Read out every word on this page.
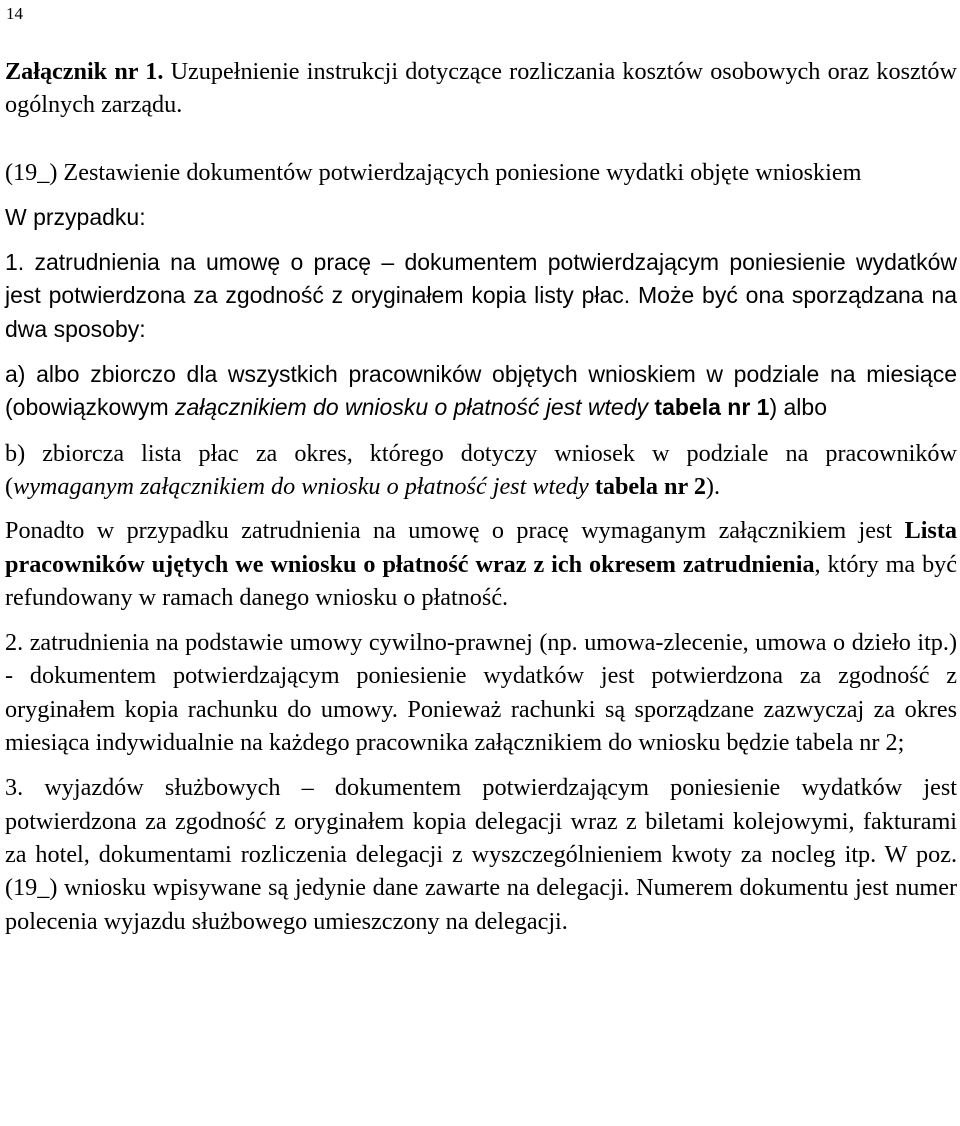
14

Załącznik nr 1. Uzupełnienie instrukcji dotyczące rozliczania kosztów osobowych oraz kosztów ogólnych zarządu.

(19_) Zestawienie dokumentów potwierdzających poniesione wydatki objęte wnioskiem

W przypadku:

1. zatrudnienia na umowę o pracę – dokumentem potwierdzającym poniesienie wydatków jest potwierdzona za zgodność z oryginałem kopia listy płac. Może być ona sporządzana na dwa sposoby:

a) albo zbiorczo dla wszystkich pracowników objętych wnioskiem w podziale na miesiące (obowiązkowym załącznikiem do wniosku o płatność jest wtedy tabela nr 1) albo

b) zbiorcza lista płac za okres, którego dotyczy wniosek w podziale na pracowników (wymaganym załącznikiem do wniosku o płatność jest wtedy tabela nr 2).

Ponadto w przypadku zatrudnienia na umowę o pracę wymaganym załącznikiem jest Lista pracowników ujętych we wniosku o płatność wraz z ich okresem zatrudnienia, który ma być refundowany w ramach danego wniosku o płatność.

2. zatrudnienia na podstawie umowy cywilno-prawnej (np. umowa-zlecenie, umowa o dzieło itp.) - dokumentem potwierdzającym poniesienie wydatków jest potwierdzona za zgodność z oryginałem kopia rachunku do umowy. Ponieważ rachunki są sporządzane zazwyczaj za okres miesiąca indywidualnie na każdego pracownika załącznikiem do wniosku będzie tabela nr 2;

3. wyjazdów służbowych – dokumentem potwierdzającym poniesienie wydatków jest potwierdzona za zgodność z oryginałem kopia delegacji wraz z biletami kolejowymi, fakturami za hotel, dokumentami rozliczenia delegacji z wyszczególnieniem kwoty za nocleg itp. W poz. (19_) wniosku wpisywane są jedynie dane zawarte na delegacji. Numerem dokumentu jest numer polecenia wyjazdu służbowego umieszczony na delegacji.
